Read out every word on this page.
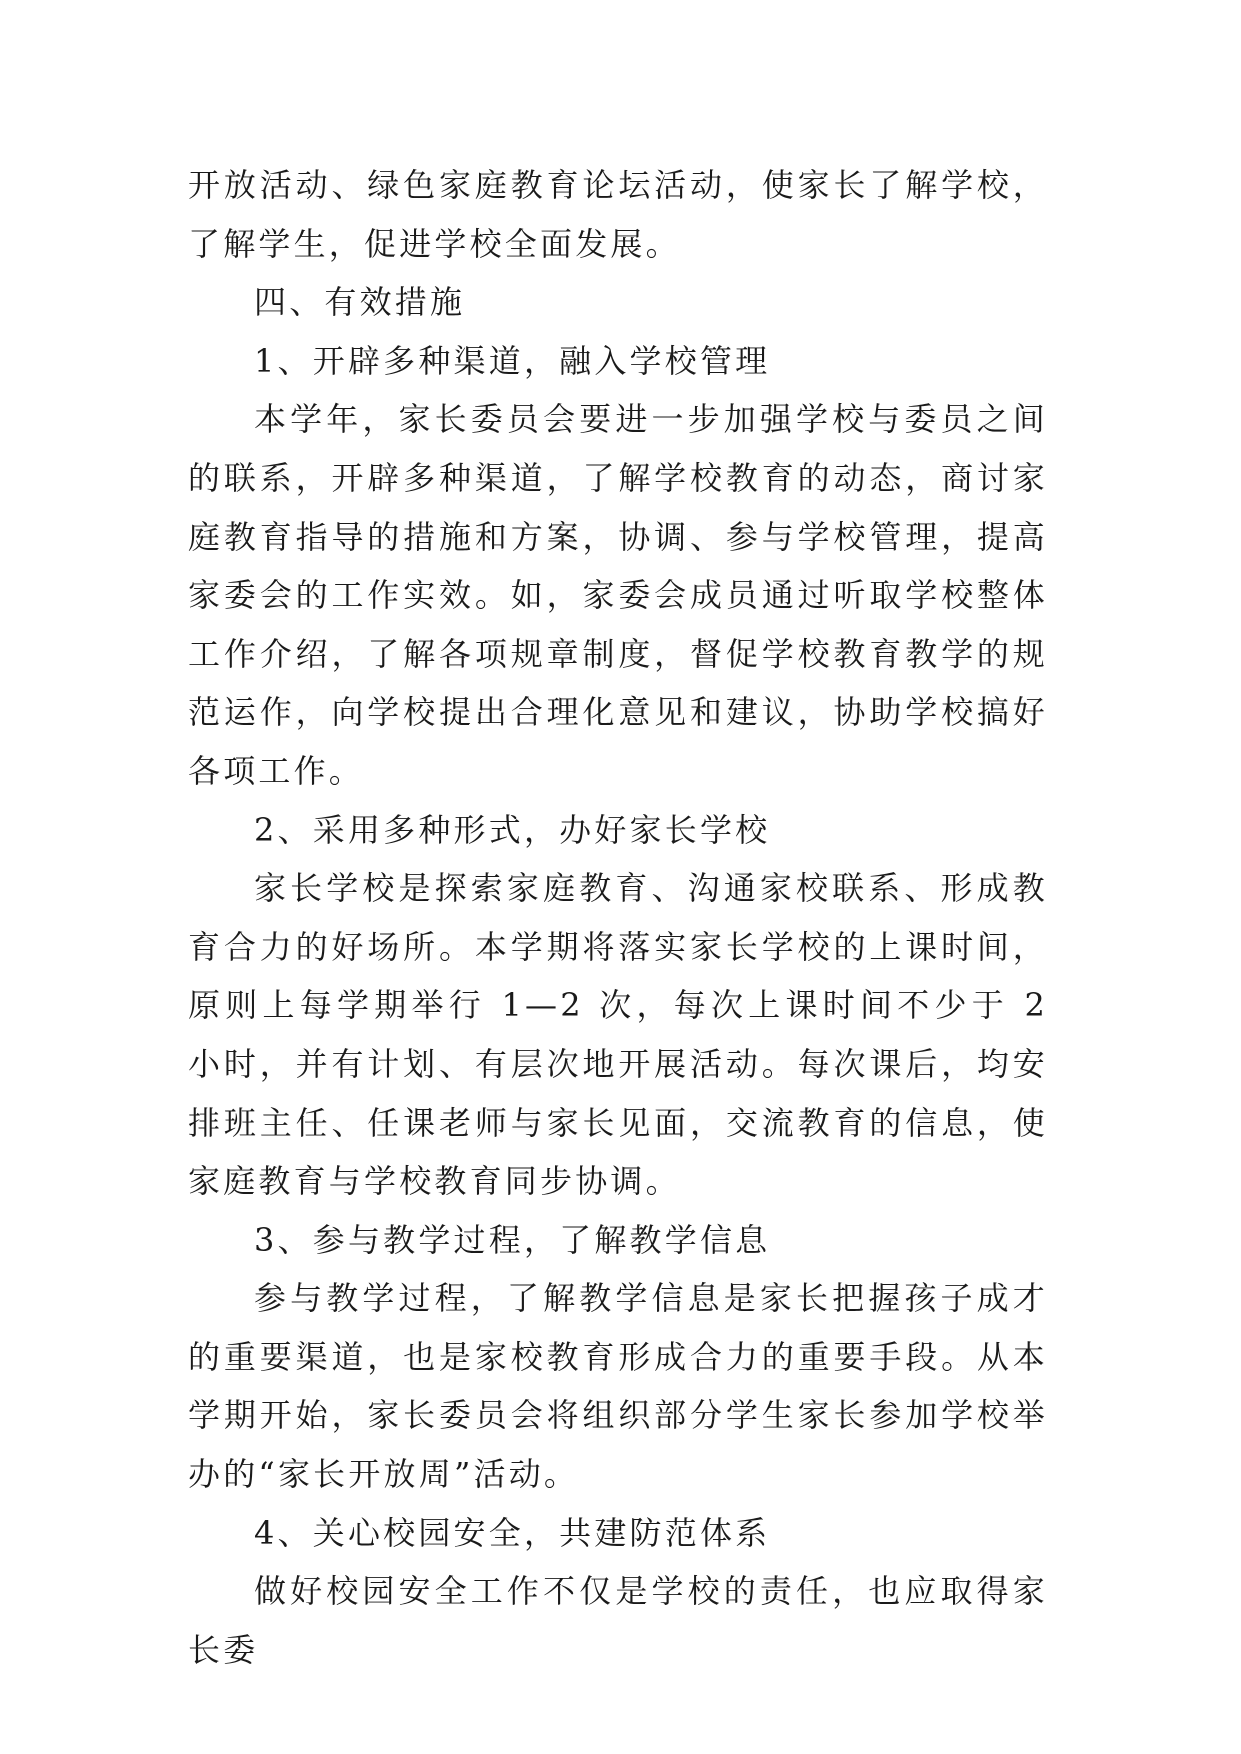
开放活动、绿色家庭教育论坛活动，使家长了解学校，了解学生，促进学校全面发展。

四、有效措施

1、开辟多种渠道，融入学校管理

本学年，家长委员会要进一步加强学校与委员之间的联系，开辟多种渠道，了解学校教育的动态，商讨家庭教育指导的措施和方案，协调、参与学校管理，提高家委会的工作实效。如，家委会成员通过听取学校整体工作介绍，了解各项规章制度，督促学校教育教学的规范运作，向学校提出合理化意见和建议，协助学校搞好各项工作。

2、采用多种形式，办好家长学校

家长学校是探索家庭教育、沟通家校联系、形成教育合力的好场所。本学期将落实家长学校的上课时间，原则上每学期举行 1—2 次，每次上课时间不少于 2 小时，并有计划、有层次地开展活动。每次课后，均安排班主任、任课老师与家长见面，交流教育的信息，使家庭教育与学校教育同步协调。

3、参与教学过程，了解教学信息

参与教学过程，了解教学信息是家长把握孩子成才的重要渠道，也是家校教育形成合力的重要手段。从本学期开始，家长委员会将组织部分学生家长参加学校举办的“家长开放周”活动。

4、关心校园安全，共建防范体系

做好校园安全工作不仅是学校的责任，也应取得家长委
